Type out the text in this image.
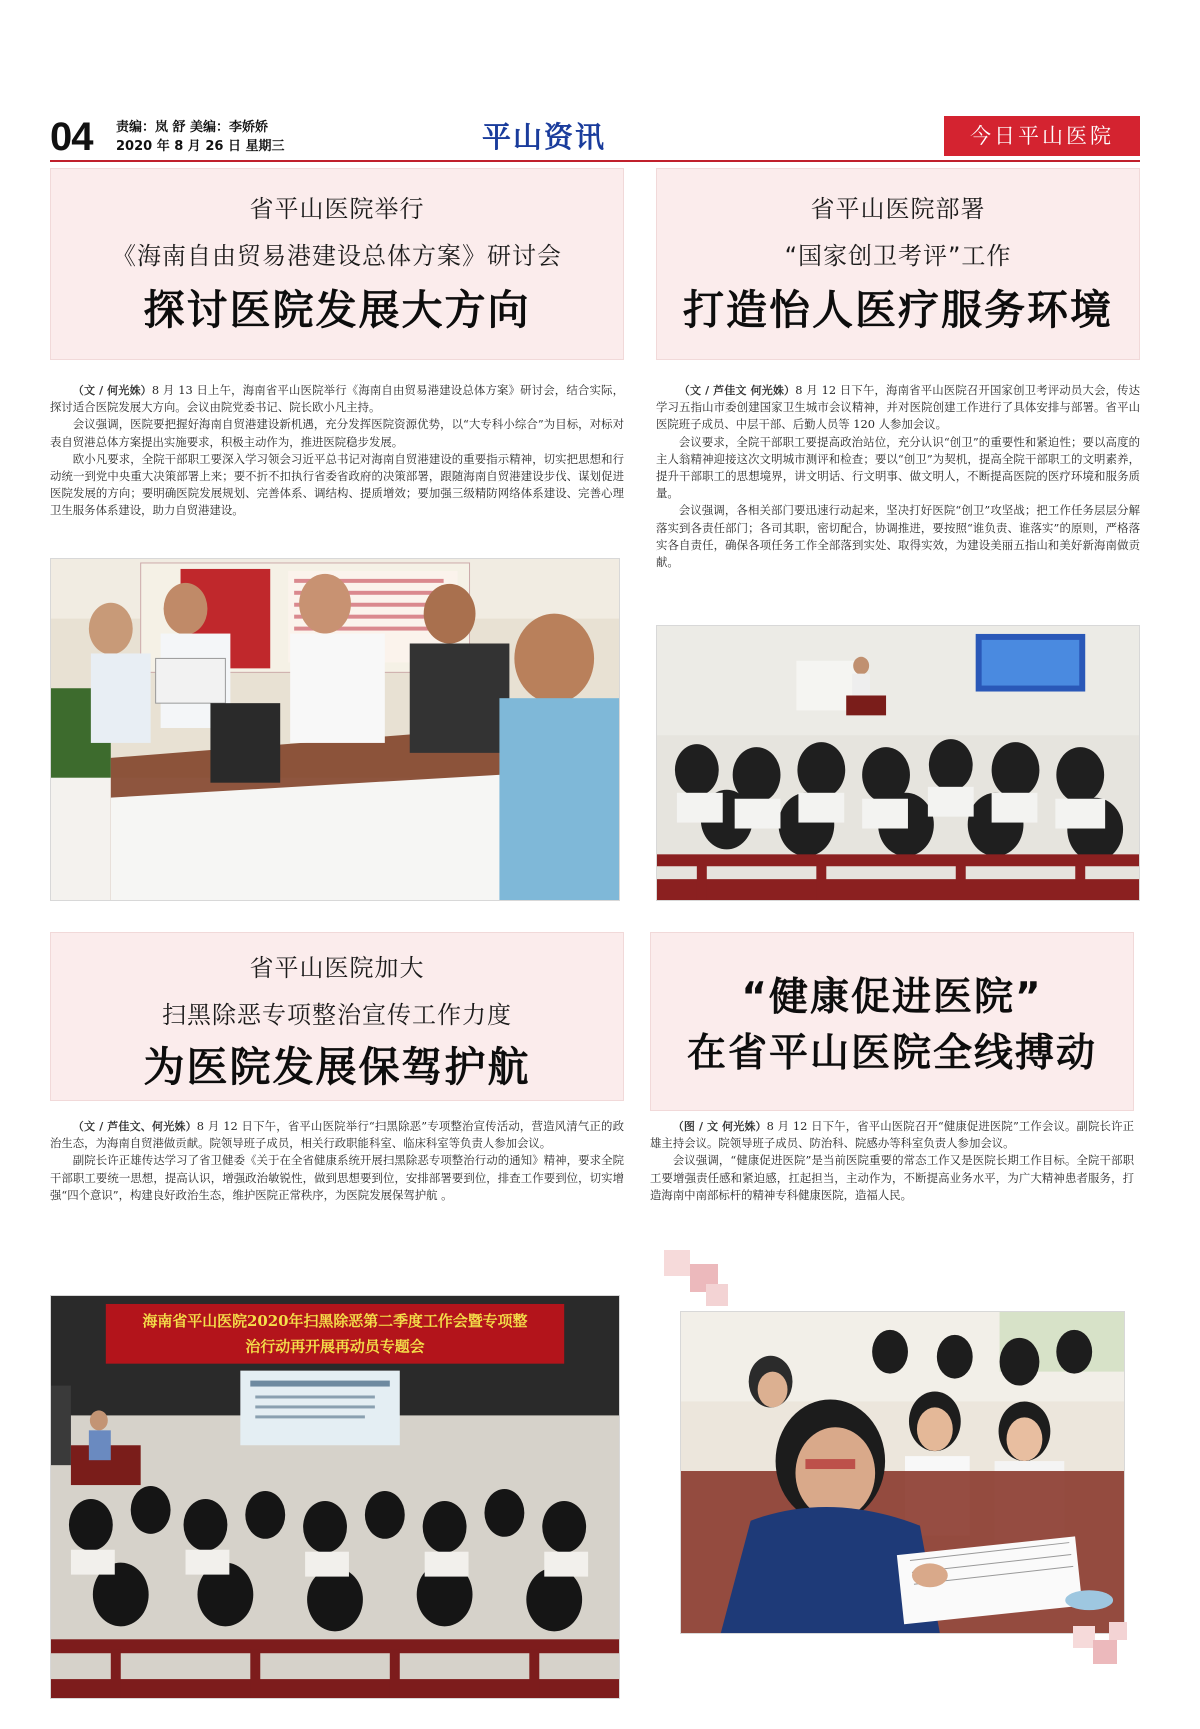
04 责编：岚 舒 美编：李娇娇
2020 年 8 月 26 日 星期三	平山资讯	今日平山医院
省平山医院举行
《海南自由贸易港建设总体方案》研讨会
探讨医院发展大方向

（文 / 何光姝）8 月 13 日上午，海南省平山医院举行《海南自由贸易港建设总体方案》研讨会，结合实际，探讨适合医院发展大方向。会议由院党委书记、院长欧小凡主持。

会议强调，医院要把握好海南自贸港建设新机遇，充分发挥医院资源优势，以“大专科小综合”为目标，对标对表自贸港总体方案提出实施要求，积极主动作为，推进医院稳步发展。

欧小凡要求，全院干部职工要深入学习领会习近平总书记对海南自贸港建设的重要指示精神，切实把思想和行动统一到党中央重大决策部署上来；要不折不扣执行省委省政府的决策部署，跟随海南自贸港建设步伐、谋划促进医院发展的方向；要明确医院发展规划、完善体系、调结构、提质增效；要加强三级精防网络体系建设、完善心理卫生服务体系建设，助力自贸港建设。

省平山医院部署
“国家创卫考评”工作
打造怡人医疗服务环境

（文 / 芦佳文 何光姝）8 月 12 日下午，海南省平山医院召开国家创卫考评动员大会，传达学习五指山市委创建国家卫生城市会议精神，并对医院创建工作进行了具体安排与部署。省平山医院班子成员、中层干部、后勤人员等 120 人参加会议。

会议要求，全院干部职工要提高政治站位，充分认识“创卫”的重要性和紧迫性；要以高度的主人翁精神迎接这次文明城市测评和检查；要以“创卫”为契机，提高全院干部职工的文明素养，提升干部职工的思想境界，讲文明话、行文明事、做文明人，不断提高医院的医疗环境和服务质量。

会议强调，各相关部门要迅速行动起来，坚决打好医院“创卫”攻坚战；把工作任务层层分解落实到各责任部门；各司其职，密切配合，协调推进，要按照“谁负责、谁落实”的原则，严格落实各自责任，确保各项任务工作全部落到实处、取得实效，为建设美丽五指山和美好新海南做贡献。

省平山医院加大
扫黑除恶专项整治宣传工作力度
为医院发展保驾护航

（文 / 芦佳文、何光姝）8 月 12 日下午，省平山医院举行“扫黑除恶”专项整治宣传活动，营造风清气正的政治生态，为海南自贸港做贡献。院领导班子成员，相关行政职能科室、临床科室等负责人参加会议。

副院长许正雄传达学习了省卫健委《关于在全省健康系统开展扫黑除恶专项整治行动的通知》精神，要求全院干部职工要统一思想，提高认识，增强政治敏锐性，做到思想要到位，安排部署要到位，排查工作要到位，切实增强“四个意识”，构建良好政治生态，维护医院正常秩序，为医院发展保驾护航 。

海南省平山医院2020年扫黑除恶第二季度工作会暨专项整
治行动再开展再动员专题会
“健康促进医院”
在省平山医院全线搏动

（图 / 文 何光姝）8 月 12 日下午，省平山医院召开“健康促进医院”工作会议。副院长许正雄主持会议。院领导班子成员、防治科、院感办等科室负责人参加会议。

会议强调，“健康促进医院”是当前医院重要的常态工作又是医院长期工作目标。全院干部职工要增强责任感和紧迫感，扛起担当，主动作为，不断提高业务水平，为广大精神患者服务，打造海南中南部标杆的精神专科健康医院，造福人民。
